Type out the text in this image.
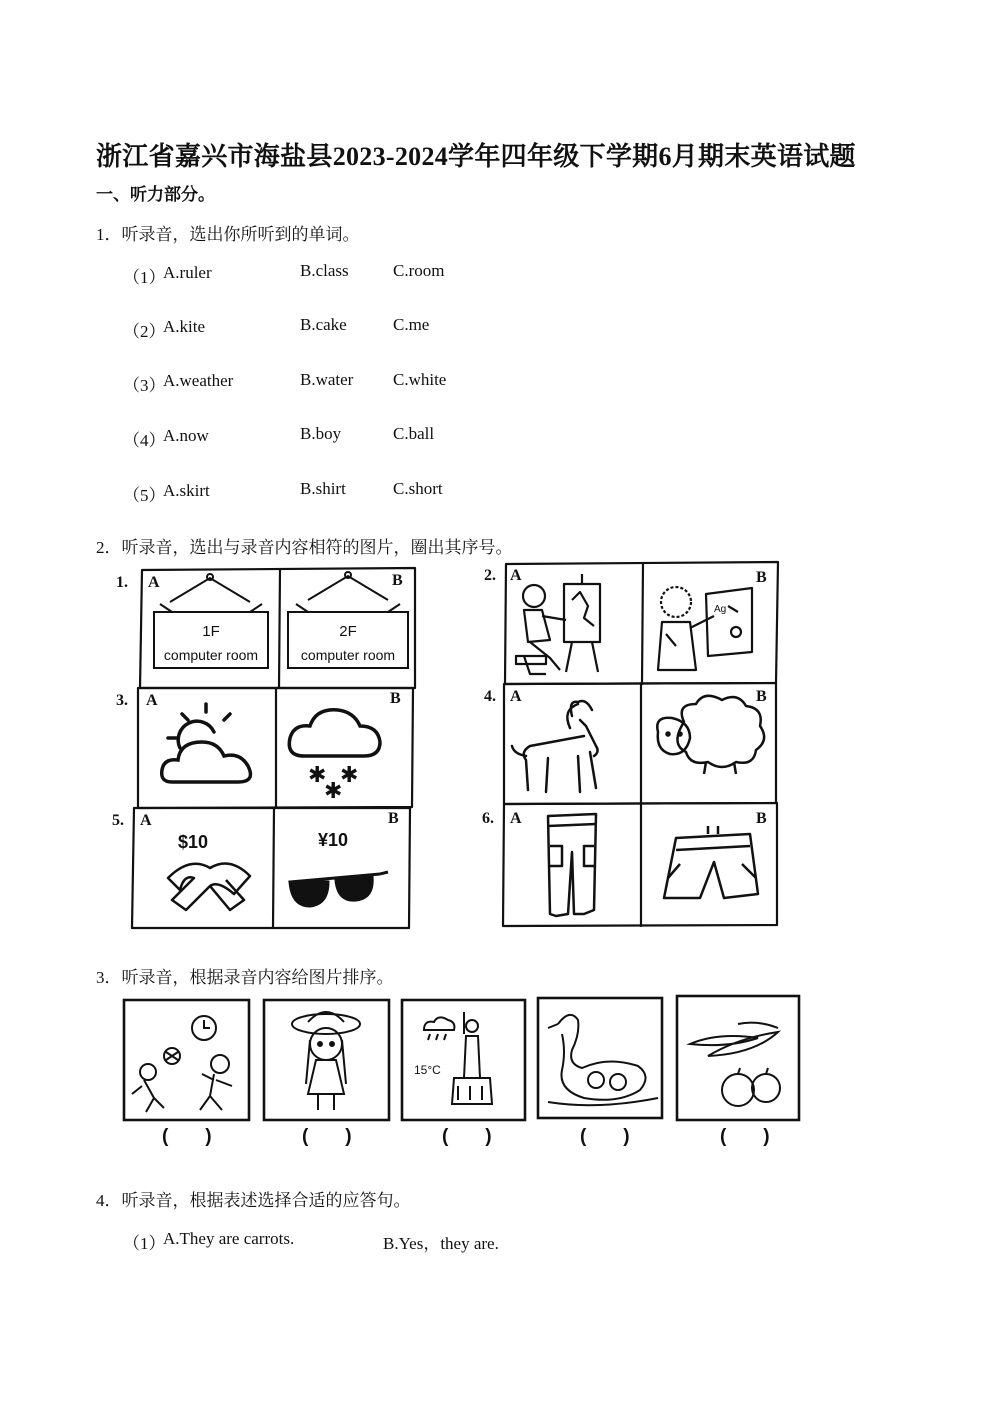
浙江省嘉兴市海盐县2023-2024学年四年级下学期6月期末英语试题
一、听力部分。
1．听录音，选出你所听到的单词。
（1）
A.ruler	B.class	C.room
（2）
A.kite	B.cake	C.me
（3）
A.weather	B.water C.white
（4）
A.now	B.boy	C.ball
（5）
A.skirt	B.shirt	C.short
2．听录音，选出与录音内容相符的图片，圈出其序号。
1F
computer room
2F
computer room
✱ ✱
✱
$10	¥10
Ag
1. A	B	2. A	B
3. A	B	4. A	B
5. A	B	6. A	B
3．听录音，根据录音内容给图片排序。
15°C
(       )	(       )	(       )	(       )	(       )
4．听录音，根据表述选择合适的应答句。
（1）
A.They are carrots.	B.Yes，they are.
